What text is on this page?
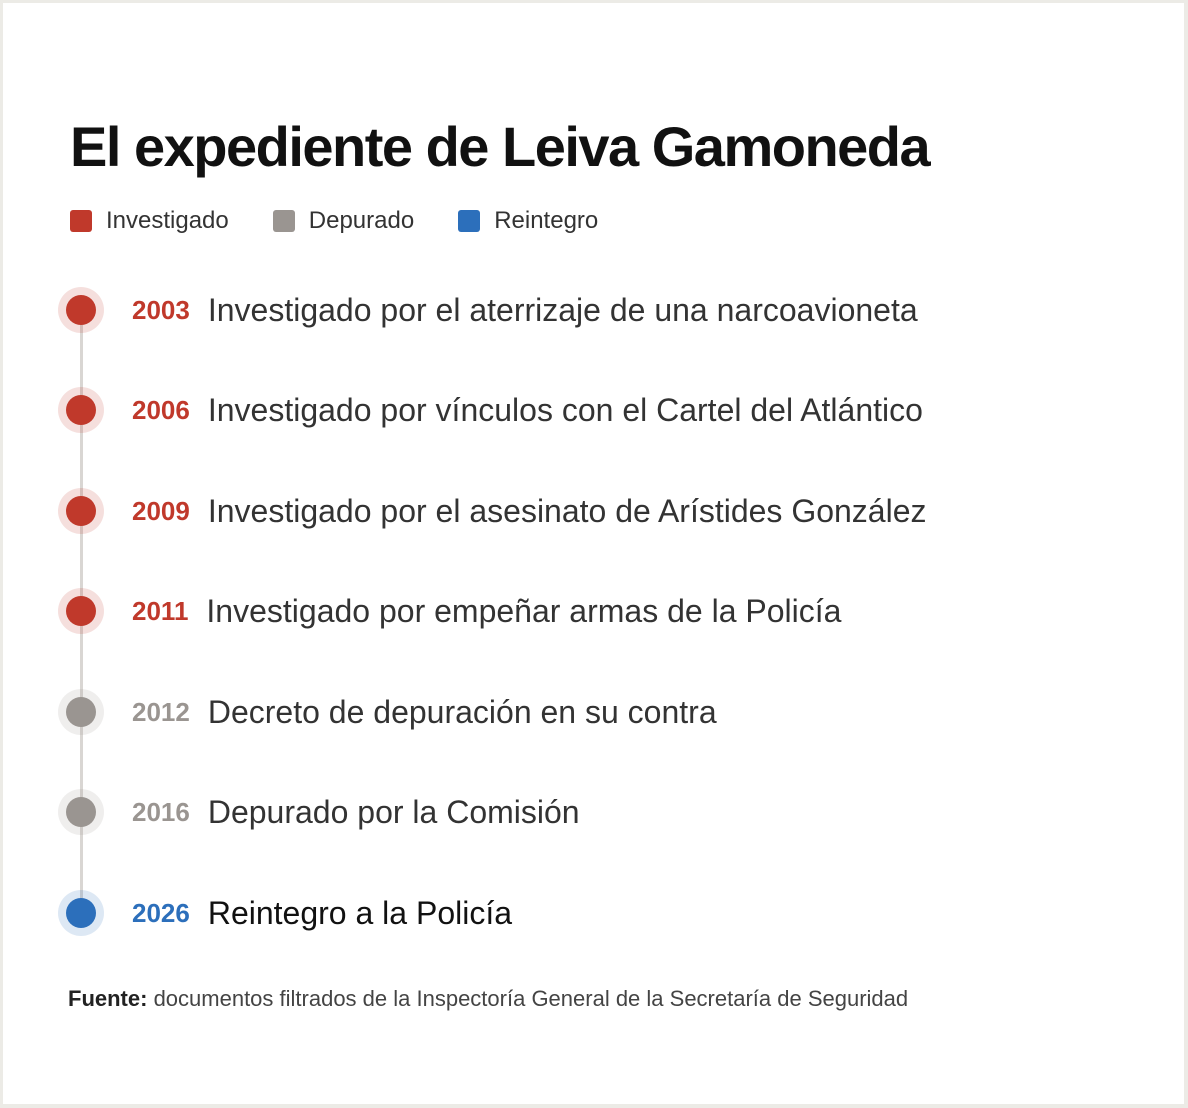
El expediente de Leiva Gamoneda
Investigado	Depurado	Reintegro
2003 Investigado por el aterrizaje de una narcoavioneta
2006 Investigado por vínculos con el Cartel del Atlántico
2009 Investigado por el asesinato de Arístides González
2011 Investigado por empeñar armas de la Policía
2012 Decreto de depuración en su contra
2016 Depurado por la Comisión
2026 Reintegro a la Policía
Fuente: documentos filtrados de la Inspectoría General de la Secretaría de Seguridad
